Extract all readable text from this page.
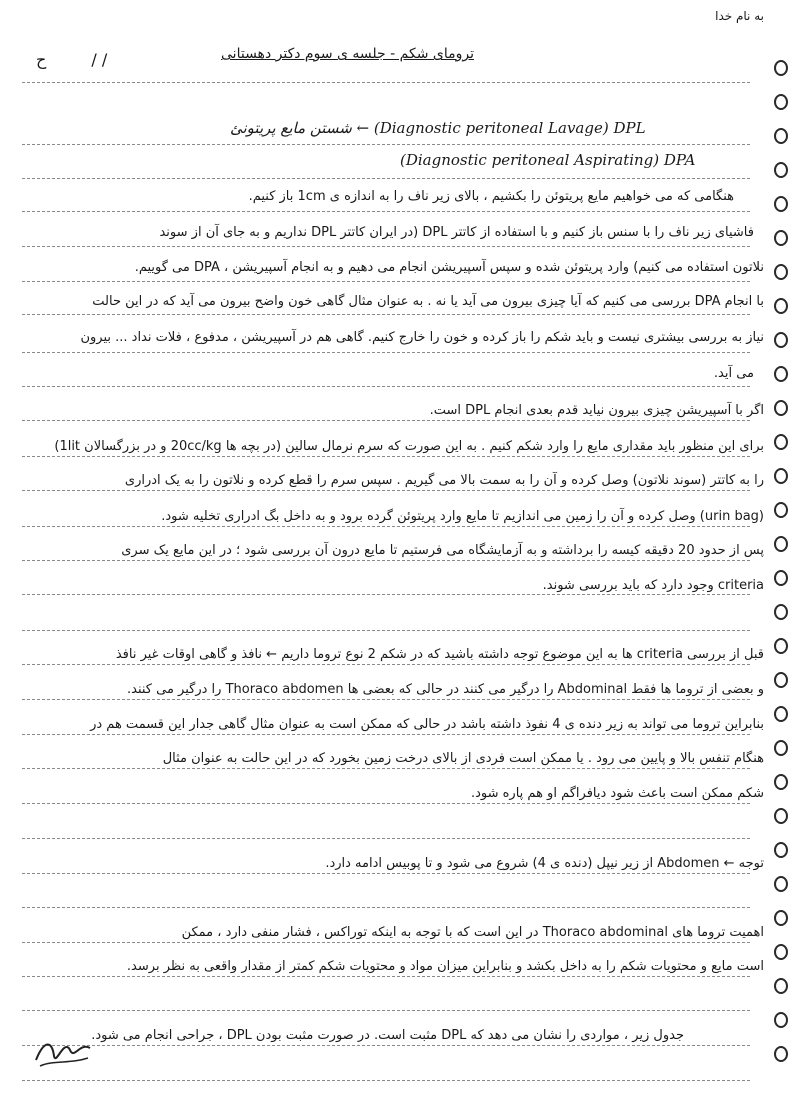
به نام خدا
ح	/ /	ترومای شکم - جلسه ی سوم دکتر دهستانی
شستن مایع پریتونئ ← (Diagnostic peritoneal Lavage) DPL
(Diagnostic peritoneal Aspirating) DPA
هنگامی که می خواهیم مایع پریتوئن را بکشیم ، بالای زیر ناف را به اندازه ی 1cm باز کنیم.
فاشیای زیر ناف را با سنس باز کنیم و با استفاده از کاتتر DPL (در ایران کاتتر DPL نداریم و به جای آن از سوند
نلاتون استفاده می کنیم) وارد پریتوئن شده و سپس آسپیریشن انجام می دهیم و به انجام آسپیریشن ، DPA می گوییم.
با انجام DPA بررسی می کنیم که آیا چیزی بیرون می آید یا نه . به عنوان مثال گاهی خون واضح بیرون می آید که در این حالت
نیاز به بررسی بیشتری نیست و باید شکم را باز کرده و خون را خارج کنیم. گاهی هم در آسپیریشن ، مدفوع ، فلات نداد ... بیرون
می آید.
اگر با آسپیریشن چیزی بیرون نیاید قدم بعدی انجام DPL است.
برای این منظور باید مقداری مایع را وارد شکم کنیم . به این صورت که سرم نرمال سالین (در بچه ها 20cc/kg و در بزرگسالان 1lit)
را به کاتتر (سوند نلاتون) وصل کرده و آن را به سمت بالا می گیریم . سپس سرم را قطع کرده و نلاتون را به یک ادراری
(urin bag) وصل کرده و آن را زمین می اندازیم تا مایع وارد پریتوئن گرده برود و به داخل بگ ادراری تخلیه شود.
پس از حدود 20 دقیقه کیسه را برداشته و به آزمایشگاه می فرستیم تا مایع درون آن بررسی شود ؛ در این مایع یک سری
criteria وجود دارد که باید بررسی شوند.
قبل از بررسی criteria ها به این موضوع توجه داشته باشید که در شکم 2 نوع تروما داریم ← نافذ و گاهی اوقات غیر نافذ
و بعضی از تروما ها فقط Abdominal را درگیر می کنند در حالی که بعضی ها Thoraco abdomen را درگیر می کنند.
بنابراین تروما می تواند به زیر دنده ی 4 نفوذ داشته باشد در حالی که ممکن است به عنوان مثال گاهی جدار این قسمت هم در
هنگام تنفس بالا و پایین می رود . یا ممکن است فردی از بالای درخت زمین بخورد که در این حالت به عنوان مثال
شکم ممکن است باعث شود دیافراگم او هم پاره شود.
توجه ← Abdomen از زیر نیپل (دنده ی 4) شروع می شود و تا پوبیس ادامه دارد.
اهمیت تروما های Thoraco abdominal در این است که با توجه به اینکه توراکس ، فشار منفی دارد ، ممکن
است مایع و محتویات شکم را به داخل بکشد و بنابراین میزان مواد و محتویات شکم کمتر از مقدار واقعی به نظر برسد.
جدول زیر ، مواردی را نشان می دهد که DPL مثبت است. در صورت مثبت بودن DPL ، جراحی انجام می شود.
